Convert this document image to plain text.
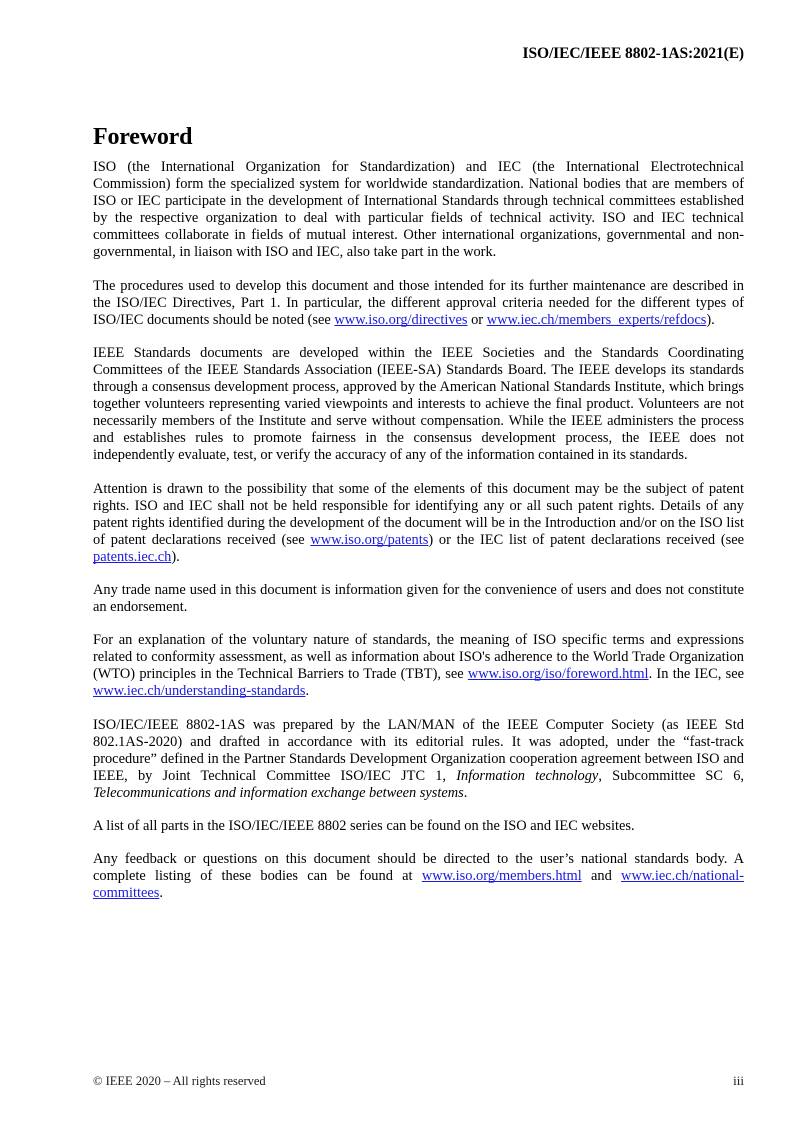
ISO/IEC/IEEE 8802-1AS:2021(E)
Foreword

ISO (the International Organization for Standardization) and IEC (the International Electrotechnical Commission) form the specialized system for worldwide standardization. National bodies that are members of ISO or IEC participate in the development of International Standards through technical committees established by the respective organization to deal with particular fields of technical activity. ISO and IEC technical committees collaborate in fields of mutual interest. Other international organizations, governmental and non-governmental, in liaison with ISO and IEC, also take part in the work.

The procedures used to develop this document and those intended for its further maintenance are described in the ISO/IEC Directives, Part 1. In particular, the different approval criteria needed for the different types of ISO/IEC documents should be noted (see www.iso.org/directives or www.iec.ch/members_experts/refdocs).

IEEE Standards documents are developed within the IEEE Societies and the Standards Coordinating Committees of the IEEE Standards Association (IEEE-SA) Standards Board. The IEEE develops its standards through a consensus development process, approved by the American National Standards Institute, which brings together volunteers representing varied viewpoints and interests to achieve the final product. Volunteers are not necessarily members of the Institute and serve without compensation. While the IEEE administers the process and establishes rules to promote fairness in the consensus development process, the IEEE does not independently evaluate, test, or verify the accuracy of any of the information contained in its standards.

Attention is drawn to the possibility that some of the elements of this document may be the subject of patent rights. ISO and IEC shall not be held responsible for identifying any or all such patent rights. Details of any patent rights identified during the development of the document will be in the Introduction and/or on the ISO list of patent declarations received (see www.iso.org/patents) or the IEC list of patent declarations received (see patents.iec.ch).

Any trade name used in this document is information given for the convenience of users and does not constitute an endorsement.

For an explanation of the voluntary nature of standards, the meaning of ISO specific terms and expressions related to conformity assessment, as well as information about ISO's adherence to the World Trade Organization (WTO) principles in the Technical Barriers to Trade (TBT), see www.iso.org/iso/foreword.html. In the IEC, see www.iec.ch/understanding-standards.

ISO/IEC/IEEE 8802-1AS was prepared by the LAN/MAN of the IEEE Computer Society (as IEEE Std 802.1AS-2020) and drafted in accordance with its editorial rules. It was adopted, under the “fast-track procedure” defined in the Partner Standards Development Organization cooperation agreement between ISO and IEEE, by Joint Technical Committee ISO/IEC JTC 1, Information technology, Subcommittee SC 6, Telecommunications and information exchange between systems.

A list of all parts in the ISO/IEC/IEEE 8802 series can be found on the ISO and IEC websites.

Any feedback or questions on this document should be directed to the user’s national standards body. A complete listing of these bodies can be found at www.iso.org/members.html and www.iec.ch/national-committees.

© IEEE 2020 – All rights reserved	iii
